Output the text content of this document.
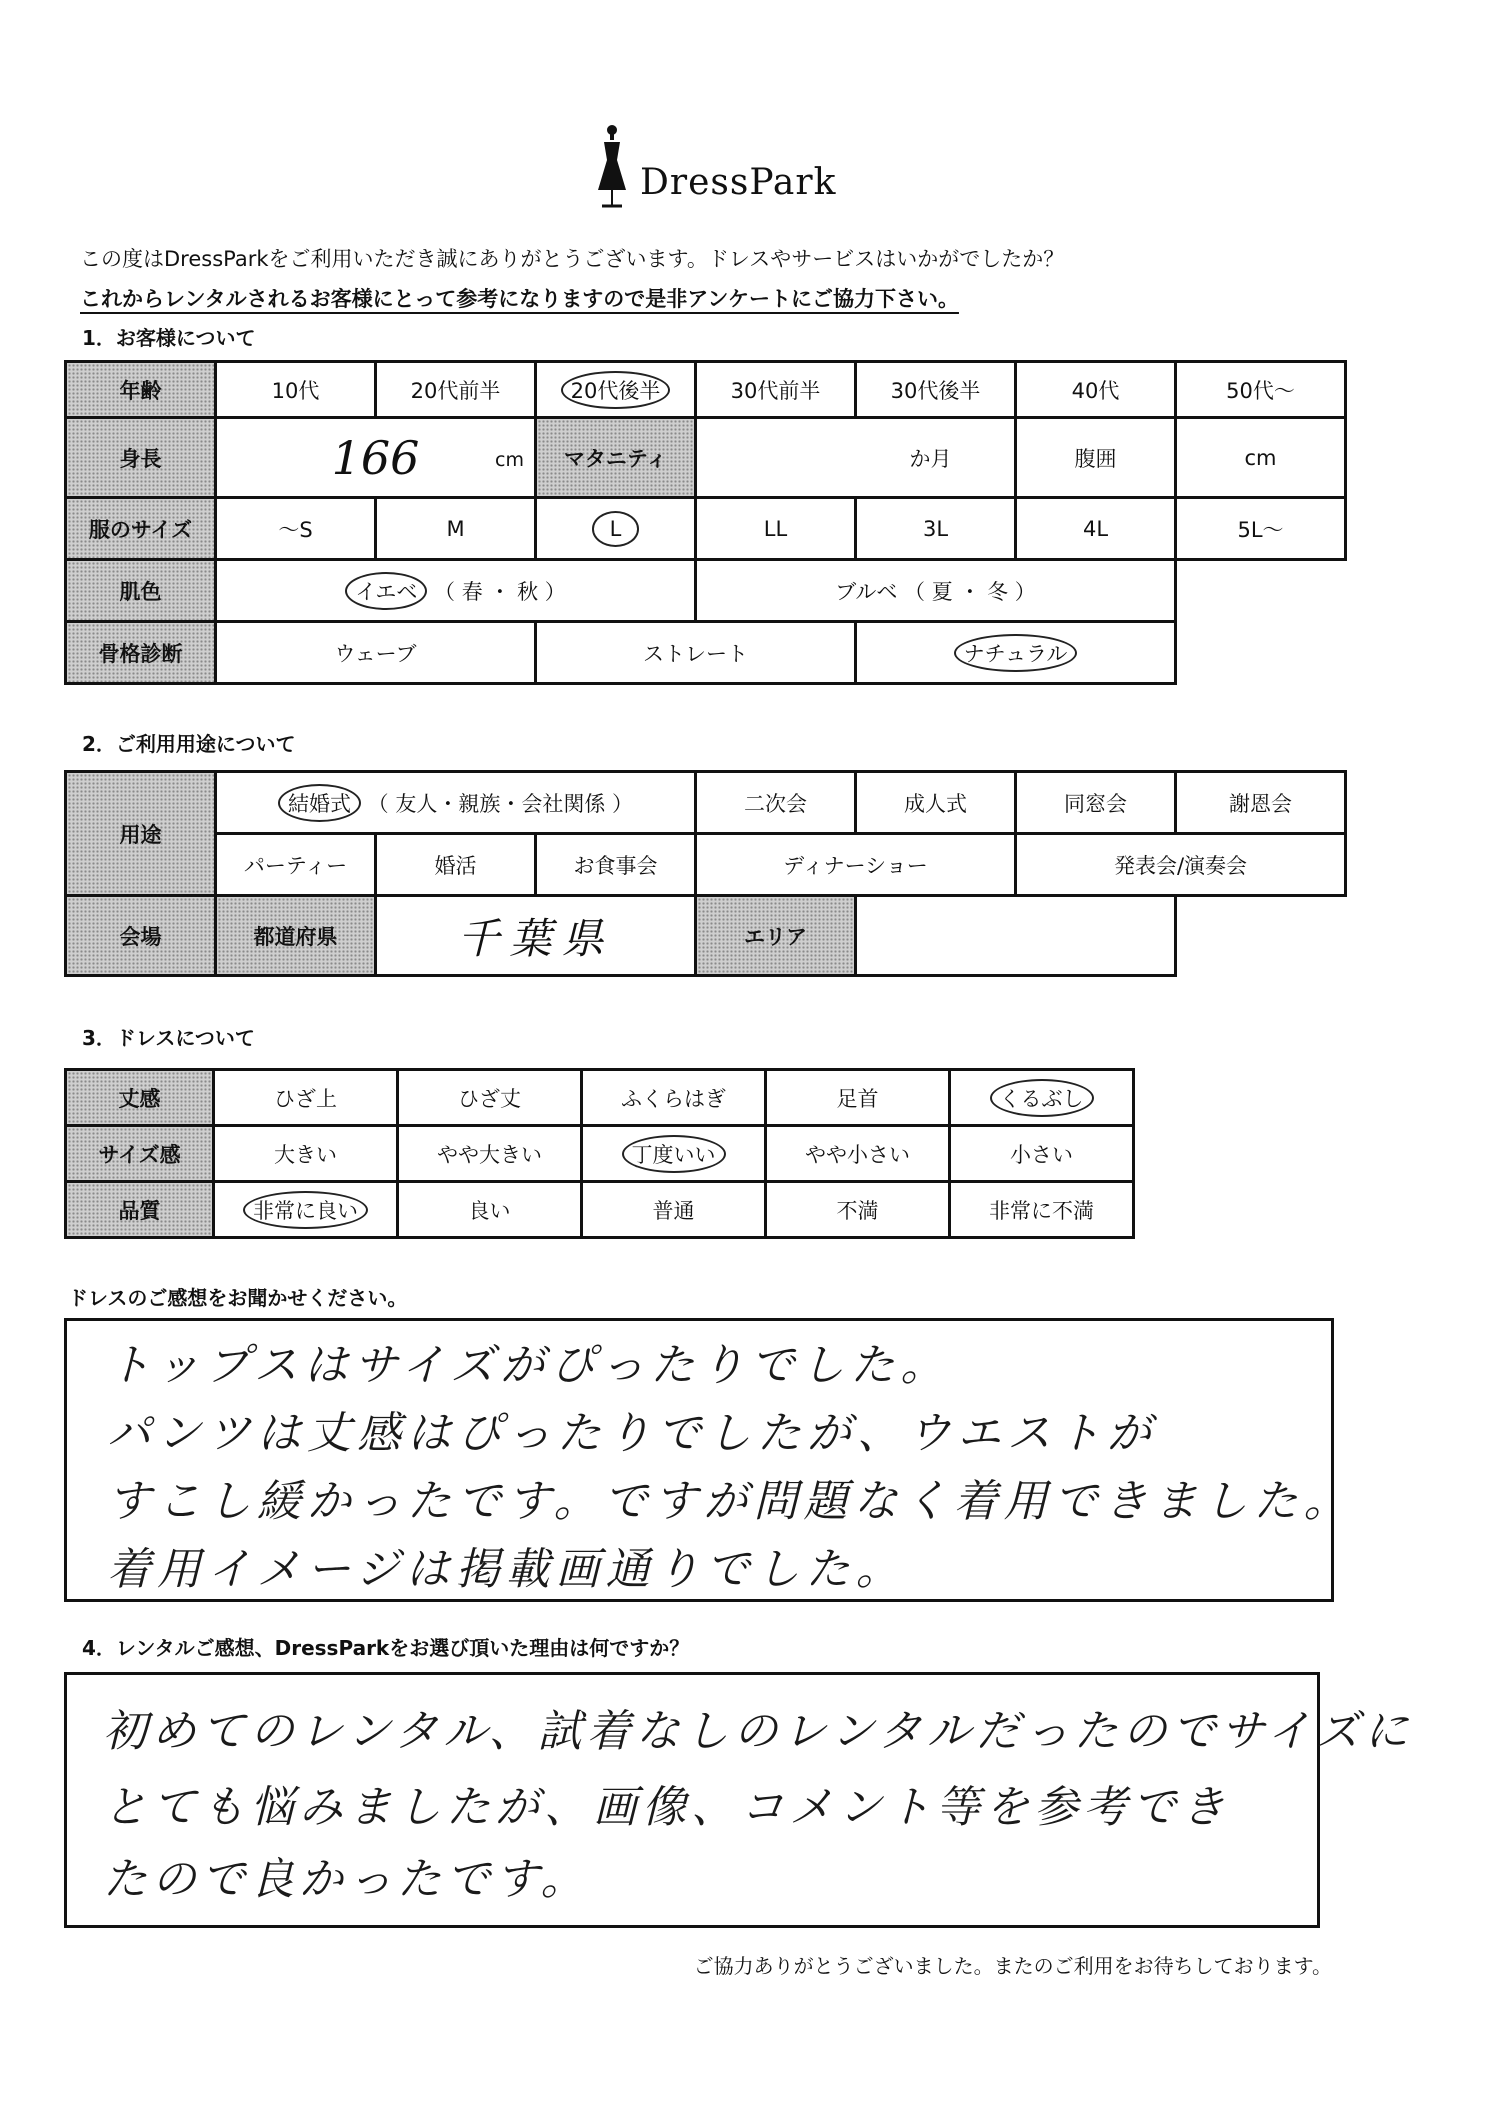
DressPark
この度はDressParkをご利用いただき誠にありがとうございます。ドレスやサービスはいかがでしたか？
これからレンタルされるお客様にとって参考になりますので是非アンケートにご協力下さい。
1．お客様について
年齢	10代	20代前半	20代後半	30代前半	30代後半	40代	50代～
身長	166 cm		マタニティ	か月		腹囲	cm
服のサイズ	～S	M	L	LL	3L	4L	5L～
肌色	イエベ （ 春 ・ 秋 ）			ブルベ （ 夏 ・ 冬 ）			
骨格診断	ウェーブ		ストレート		ナチュラル		
2．ご利用用途について
用途	結婚式 （ 友人・親族・会社関係 ）			二次会	成人式	同窓会	謝恩会
	パーティー	婚活	お食事会	ディナーショー		発表会/演奏会	
会場	都道府県	千葉県		エリア			
3．ドレスについて
丈感	ひざ上	ひざ丈	ふくらはぎ	足首	くるぶし
サイズ感	大きい	やや大きい	丁度いい	やや小さい	小さい
品質	非常に良い	良い	普通	不満	非常に不満
ドレスのご感想をお聞かせください。
トップスはサイズがぴったりでした。
パンツは丈感はぴったりでしたが、ウエストが
すこし緩かったです。ですが問題なく着用できました。
着用イメージは掲載画通りでした。
4．レンタルご感想、DressParkをお選び頂いた理由は何ですか？
初めてのレンタル、試着なしのレンタルだったのでサイズに
とても悩みましたが、画像、コメント等を参考でき
たので良かったです。
ご協力ありがとうございました。またのご利用をお待ちしております。
